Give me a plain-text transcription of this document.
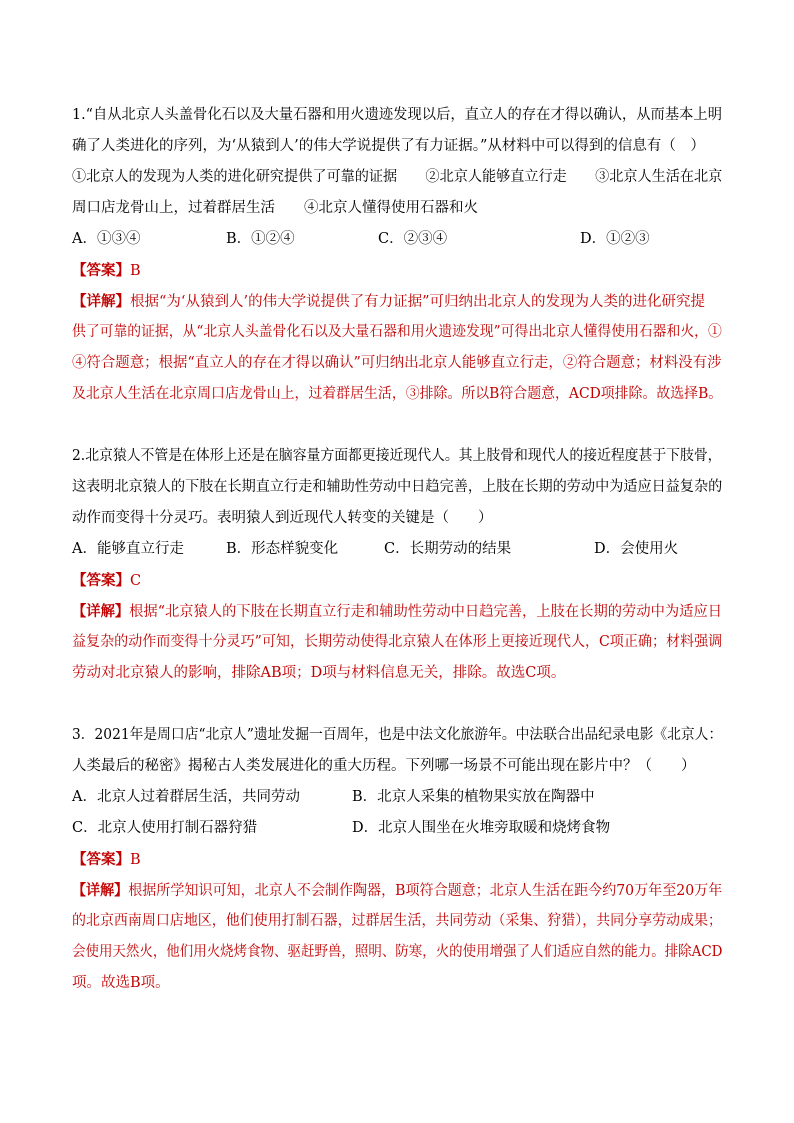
1.“自从北京人头盖骨化石以及大量石器和用火遗迹发现以后，直立人的存在才得以确认，从而基本上明
确了人类进化的序列，为‘从猿到人’的伟大学说提供了有力证据。”从材料中可以得到的信息有（　）
①北京人的发现为人类的进化研究提供了可靠的证据　　②北京人能够直立行走　　③北京人生活在北京
周口店龙骨山上，过着群居生活　　④北京人懂得使用石器和火
A．①③④	B．①②④	C．②③④	D．①②③
【答案】B
【详解】根据“为‘从猿到人’的伟大学说提供了有力证据”可归纳出北京人的发现为人类的进化研究提
供了可靠的证据，从“北京人头盖骨化石以及大量石器和用火遗迹发现”可得出北京人懂得使用石器和火，①
④符合题意；根据“直立人的存在才得以确认”可归纳出北京人能够直立行走，②符合题意；材料没有涉
及北京人生活在北京周口店龙骨山上，过着群居生活，③排除。所以B符合题意，ACD项排除。故选择B。
2.北京猿人不管是在体形上还是在脑容量方面都更接近现代人。其上肢骨和现代人的接近程度甚于下肢骨，
这表明北京猿人的下肢在长期直立行走和辅助性劳动中日趋完善，上肢在长期的劳动中为适应日益复杂的
动作而变得十分灵巧。表明猿人到近现代人转变的关键是（　　）
A．能够直立行走	B．形态样貌变化	C．长期劳动的结果	D．会使用火
【答案】C
【详解】根据“北京猿人的下肢在长期直立行走和辅助性劳动中日趋完善，上肢在长期的劳动中为适应日
益复杂的动作而变得十分灵巧”可知，长期劳动使得北京猿人在体形上更接近现代人，C项正确；材料强调
劳动对北京猿人的影响，排除AB项；D项与材料信息无关，排除。故选C项。
3．2021年是周口店“北京人”遗址发掘一百周年，也是中法文化旅游年。中法联合出品纪录电影《北京人：
人类最后的秘密》揭秘古人类发展进化的重大历程。下列哪一场景不可能出现在影片中？（　　）
A．北京人过着群居生活，共同劳动	B．北京人采集的植物果实放在陶器中
C．北京人使用打制石器狩猎	D．北京人围坐在火堆旁取暖和烧烤食物
【答案】B
【详解】根据所学知识可知，北京人不会制作陶器，B项符合题意；北京人生活在距今约70万年至20万年
的北京西南周口店地区，他们使用打制石器，过群居生活，共同劳动（采集、狩猎），共同分享劳动成果；
会使用天然火，他们用火烧烤食物、驱赶野兽，照明、防寒，火的使用增强了人们适应自然的能力。排除ACD
项。故选B项。
